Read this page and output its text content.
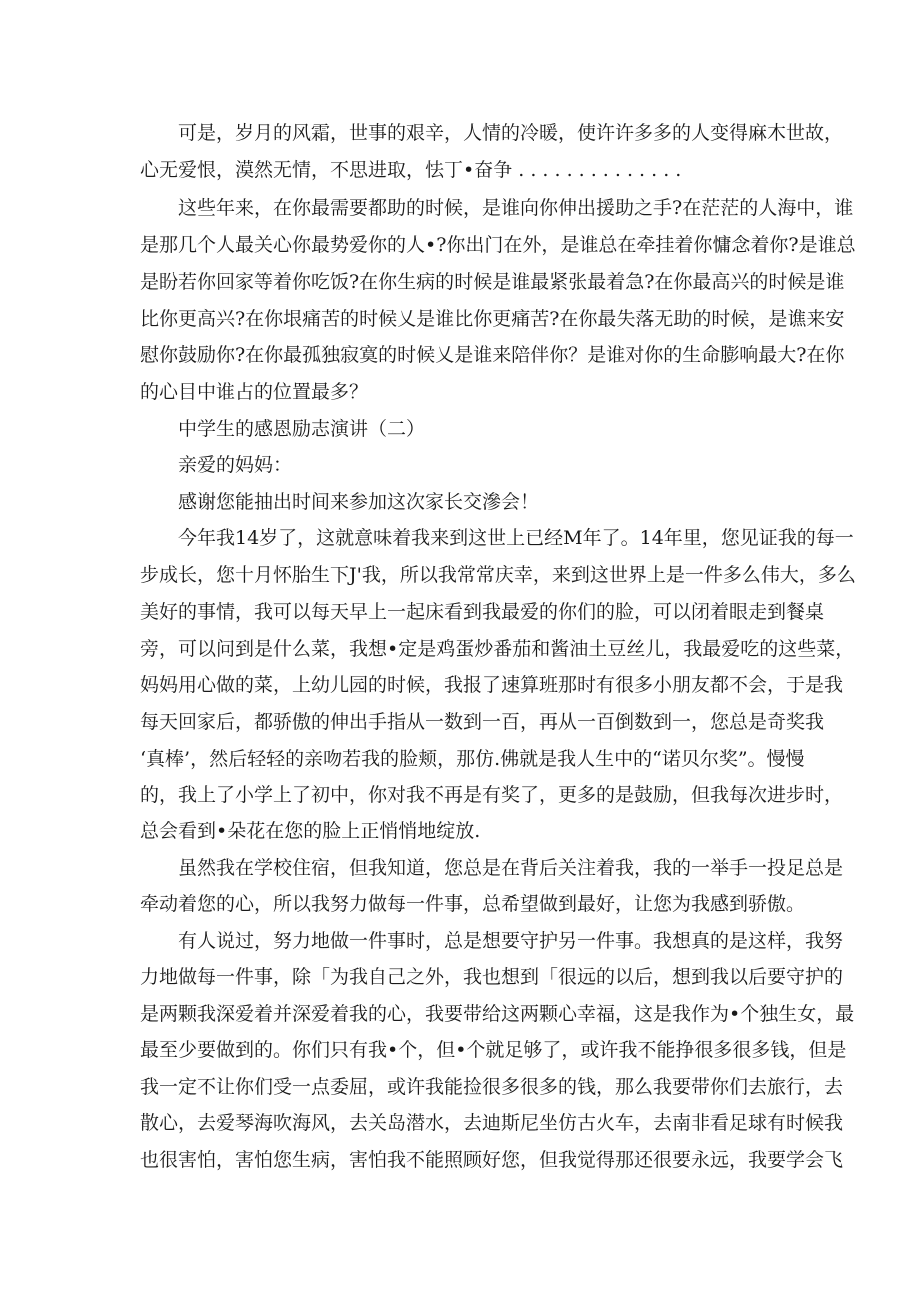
可是，岁月的风霜，世事的艰辛，人情的冷暖，使许许多多的人变得麻木世故，
心无爱恨，漠然无情，不思进取，怯丁•奋争 . . . . . . . . . . . . . .
这些年来，在你最需要都助的时候，是谁向你伸出援助之手?在茫茫的人海中，谁
是那几个人最关心你最势爱你的人•?你出门在外，是谁总在牵挂着你慵念着你?是谁总
是盼若你回家等着你吃饭?在你生病的时候是谁最紧张最着急?在你最高兴的时候是谁
比你更高兴?在你垠痛苦的时候乂是谁比你更痛苦?在你最失落无助的时候，是谯来安
慰你鼓励你?在你最孤独寂寞的时候乂是谁来陪伴你？是谁对你的生命膨响最大?在你
的心目中谁占的位置最多？
中学生的感恩励志演讲（二）
亲爱的妈妈：
感谢您能抽出时间来参加这次家长交滲会！
今年我14岁了，这就意味着我来到这世上已经M年了。14年里，您见证我的每一
步成长，您十月怀胎生下J'我，所以我常常庆幸，来到这世界上是一件多么伟大，多么
美好的事情，我可以每天早上一起床看到我最爱的你们的脸，可以闭着眼走到餐桌
旁，可以问到是什么菜，我想•定是鸡蛋炒番茄和酱油土豆丝儿，我最爱吃的这些菜，
妈妈用心做的菜，上幼儿园的时候，我报了速算班那时有很多小朋友都不会，于是我
每天回家后，都骄傲的伸出手指从一数到一百，再从一百倒数到一，您总是奇奖我
‘真棒’，然后轻轻的亲吻若我的脸颊，那仿.佛就是我人生中的“诺贝尔奖”。慢慢
的，我上了小学上了初中，你对我不再是有奖了，更多的是鼓励，但我每次进步时，
总会看到•朵花在您的脸上正悄悄地绽放.
虽然我在学校住宿，但我知道，您总是在背后关注着我，我的一举手一投足总是
牵动着您的心，所以我努力做每一件事，总希望做到最好，让您为我感到骄傲。
有人说过，努力地做一件事时，总是想要守护另一件事。我想真的是这样，我努
力地做每一件事，除「为我自己之外，我也想到「很远的以后，想到我以后要守护的
是两颗我深爱着并深爱着我的心，我要带给这两颗心幸福，这是我作为•个独生女，最
最至少要做到的。你们只有我•个，但•个就足够了，或许我不能挣很多很多钱，但是
我一定不让你们受一点委屈，或许我能捡很多很多的钱，那么我要带你们去旅行，去
散心，去爱琴海吹海风，去关岛潜水，去迪斯尼坐仿古火车，去南非看足球有时候我
也很害怕，害怕您生病，害怕我不能照顾好您，但我觉得那还很要永远，我要学会飞
